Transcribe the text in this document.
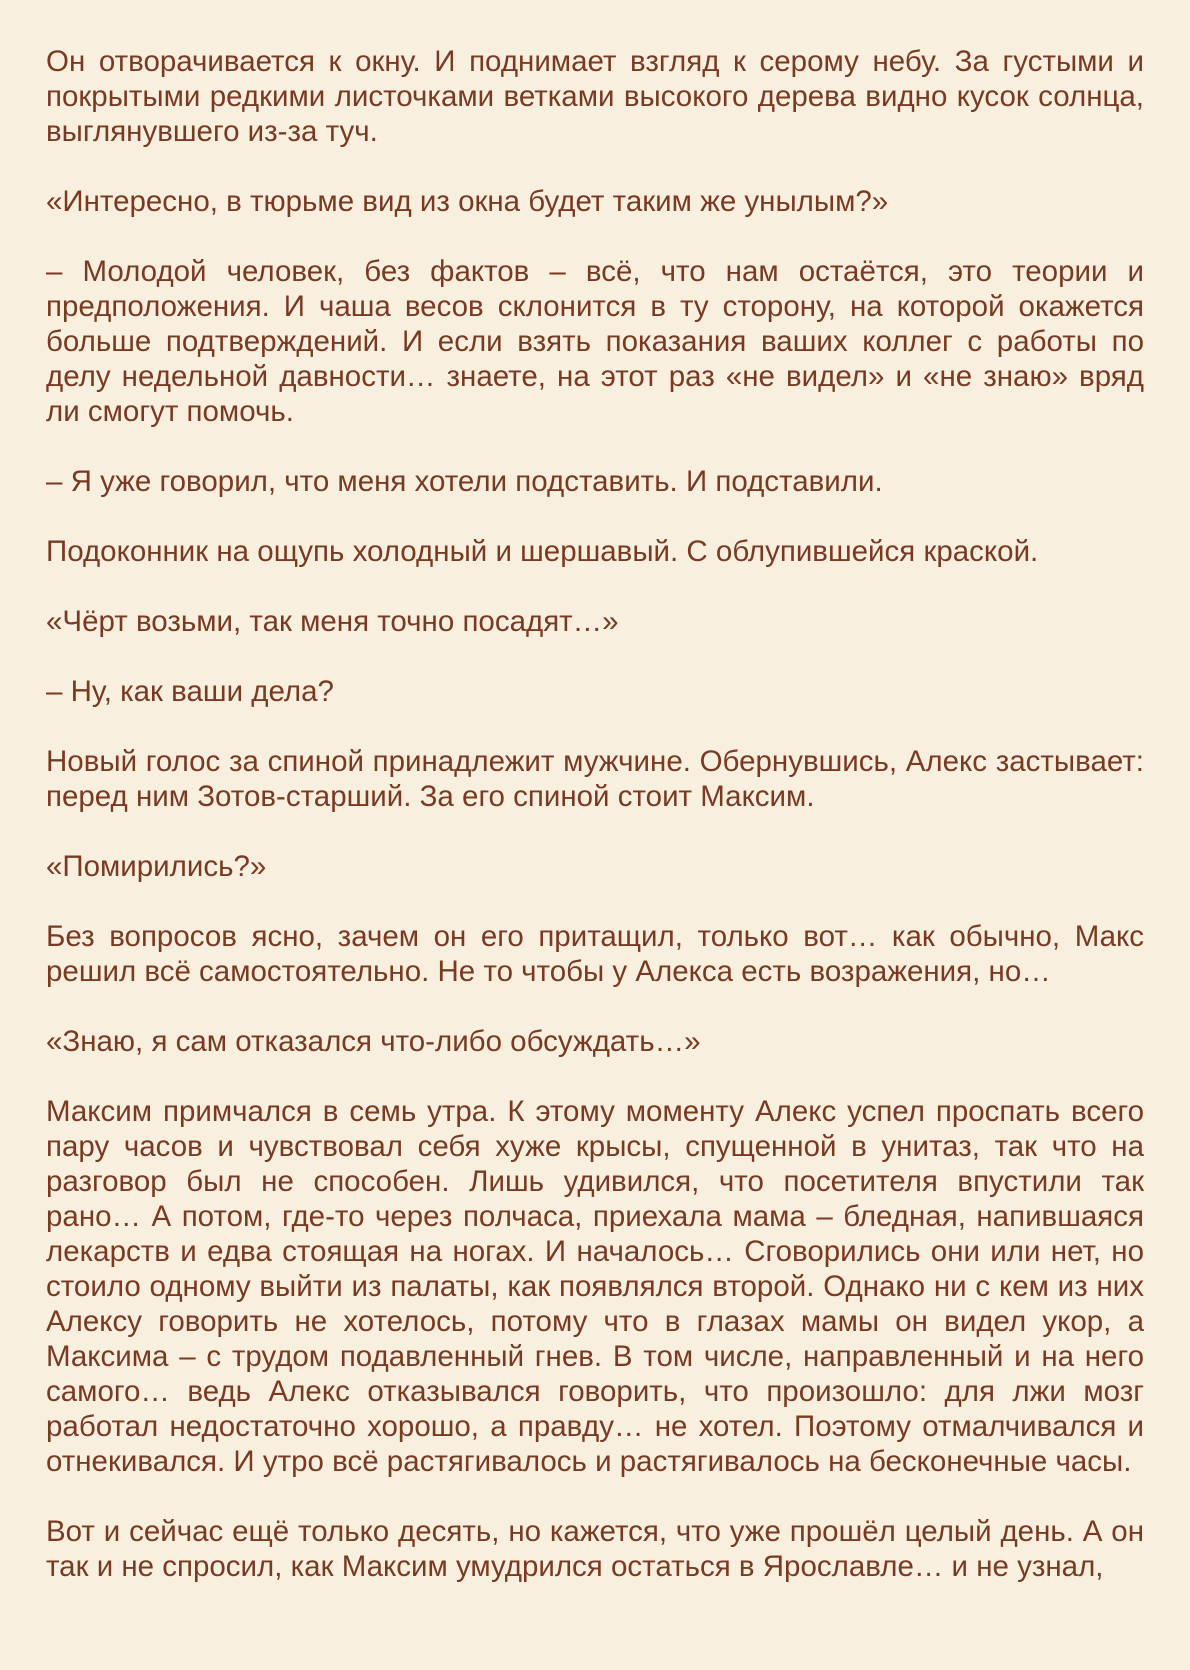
Он отворачивается к окну. И поднимает взгляд к серому небу. За густыми и покрытыми редкими листочками ветками высокого дерева видно кусок солнца, выглянувшего из-за туч.

«Интересно, в тюрьме вид из окна будет таким же унылым?»

– Молодой человек, без фактов – всё, что нам остаётся, это теории и предположения. И чаша весов склонится в ту сторону, на которой окажется больше подтверждений. И если взять показания ваших коллег с работы по делу недельной давности… знаете, на этот раз «не видел» и «не знаю» вряд ли смогут помочь.

– Я уже говорил, что меня хотели подставить. И подставили.

Подоконник на ощупь холодный и шершавый. С облупившейся краской.

«Чёрт возьми, так меня точно посадят…»

– Ну, как ваши дела?

Новый голос за спиной принадлежит мужчине. Обернувшись, Алекс застывает: перед ним Зотов-старший. За его спиной стоит Максим.

«Помирились?»

Без вопросов ясно, зачем он его притащил, только вот… как обычно, Макс решил всё самостоятельно. Не то чтобы у Алекса есть возражения, но…

«Знаю, я сам отказался что-либо обсуждать…»

Максим примчался в семь утра. К этому моменту Алекс успел проспать всего пару часов и чувствовал себя хуже крысы, спущенной в унитаз, так что на разговор был не способен. Лишь удивился, что посетителя впустили так рано… А потом, где-то через полчаса, приехала мама – бледная, напившаяся лекарств и едва стоящая на ногах. И началось… Сговорились они или нет, но стоило одному выйти из палаты, как появлялся второй. Однако ни с кем из них Алексу говорить не хотелось, потому что в глазах мамы он видел укор, а Максима – с трудом подавленный гнев. В том числе, направленный и на него самого… ведь Алекс отказывался говорить, что произошло: для лжи мозг работал недостаточно хорошо, а правду… не хотел. Поэтому отмалчивался и отнекивался. И утро всё растягивалось и растягивалось на бесконечные часы.

Вот и сейчас ещё только десять, но кажется, что уже прошёл целый день. А он так и не спросил, как Максим умудрился остаться в Ярославле… и не узнал,
